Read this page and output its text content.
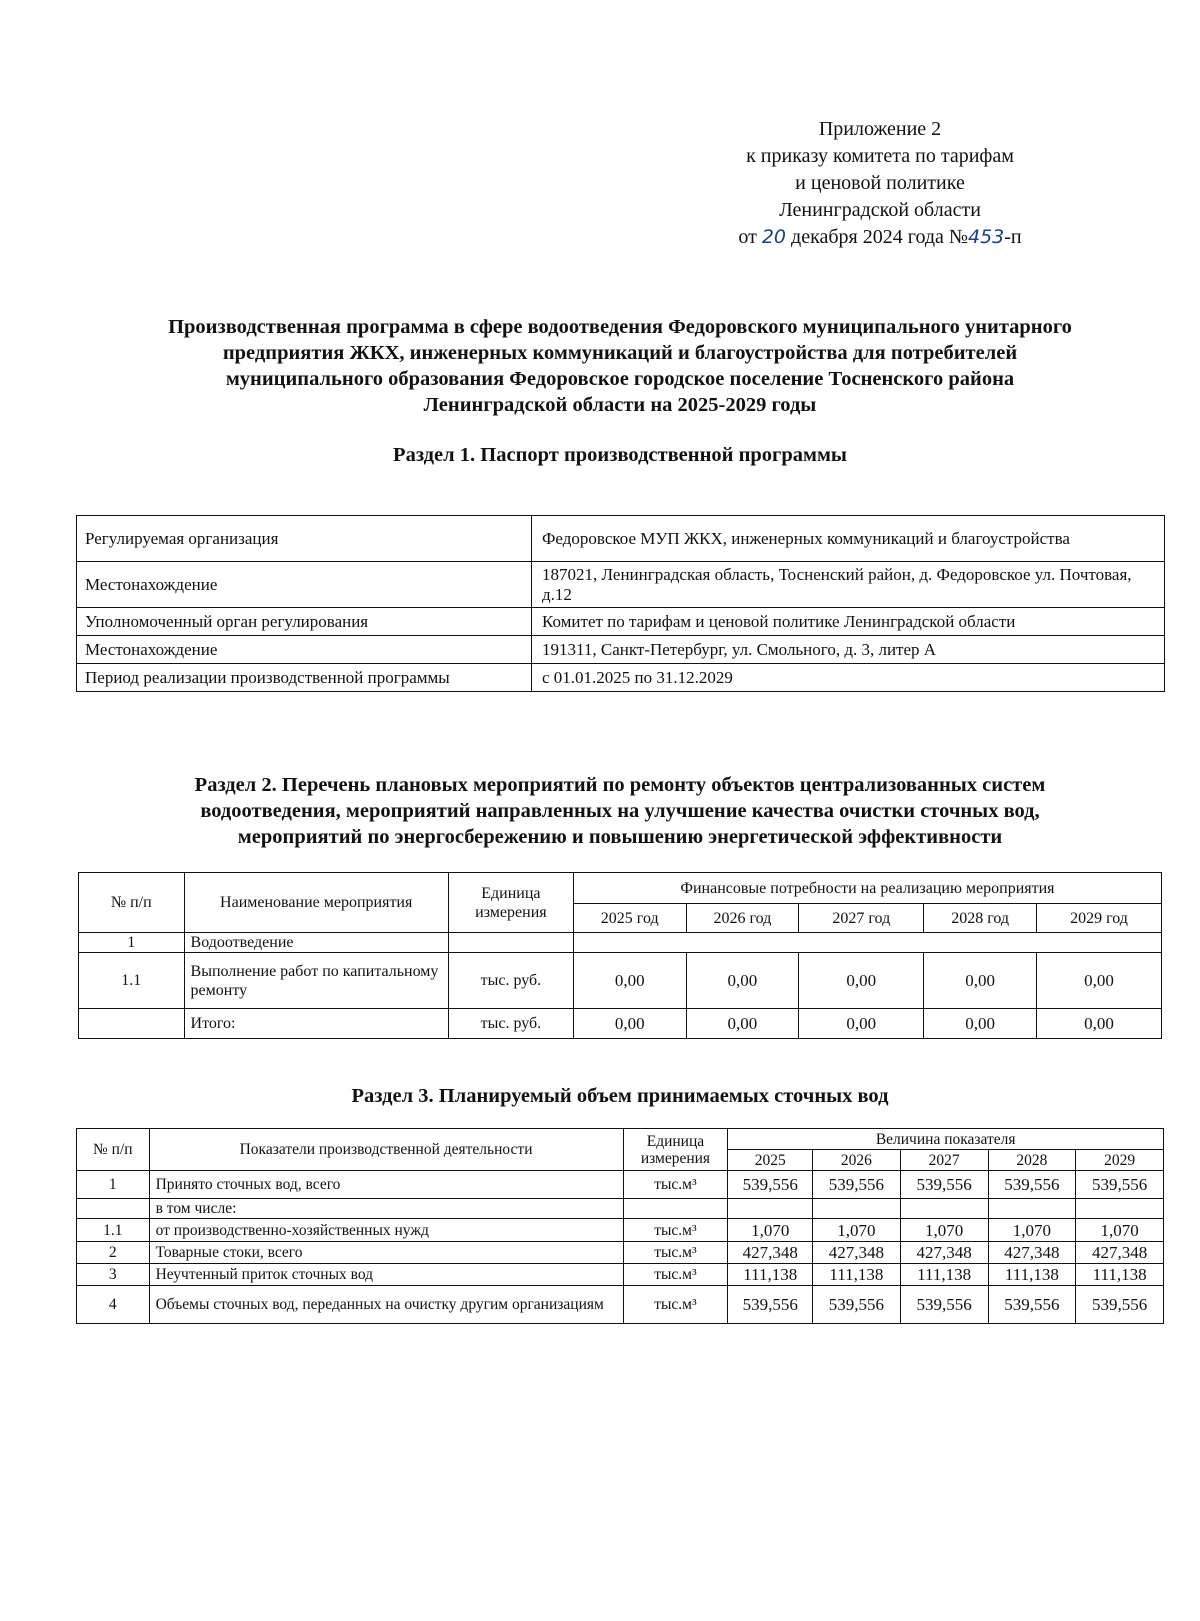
Приложение 2
к приказу комитета по тарифам
и ценовой политике
Ленинградской области
от 20 декабря 2024 года №453-п
Производственная программа в сфере водоотведения Федоровского муниципального унитарного
предприятия ЖКХ, инженерных коммуникаций и благоустройства для потребителей
муниципального образования Федоровское городское поселение Тосненского района
Ленинградской области на 2025-2029 годы
Раздел 1. Паспорт производственной программы
Регулируемая организация	Федоровское МУП ЖКХ, инженерных коммуникаций и благоустройства
Местонахождение	187021, Ленинградская область, Тосненский район, д. Федоровское ул. Почтовая, д.12
Уполномоченный орган регулирования	Комитет по тарифам и ценовой политике Ленинградской области
Местонахождение	191311, Санкт-Петербург, ул. Смольного, д. 3, литер А
Период реализации производственной программы	с 01.01.2025 по 31.12.2029
Раздел 2. Перечень плановых мероприятий по ремонту объектов централизованных систем
водоотведения, мероприятий направленных на улучшение качества очистки сточных вод,
мероприятий по энергосбережению и повышению энергетической эффективности
№ п/п	Наименование мероприятия	Единица измерения	Финансовые потребности на реализацию мероприятия				
			2025 год	2026 год	2027 год	2028 год	2029 год
1	Водоотведение						
1.1	Выполнение работ по капитальному ремонту	тыс. руб.	0,00	0,00	0,00	0,00	0,00
	Итого:	тыс. руб.	0,00	0,00	0,00	0,00	0,00
Раздел 3. Планируемый объем принимаемых сточных вод
№ п/п	Показатели производственной деятельности	Единица измерения	Величина показателя				
			2025	2026	2027	2028	2029
1	Принято сточных вод, всего	тыс.м³	539,556	539,556	539,556	539,556	539,556
	в том числе:						
1.1	от производственно-хозяйственных нужд	тыс.м³	1,070	1,070	1,070	1,070	1,070
2	Товарные стоки, всего	тыс.м³	427,348	427,348	427,348	427,348	427,348
3	Неучтенный приток сточных вод	тыс.м³	111,138	111,138	111,138	111,138	111,138
4	Объемы сточных вод, переданных на очистку другим организациям	тыс.м³	539,556	539,556	539,556	539,556	539,556
